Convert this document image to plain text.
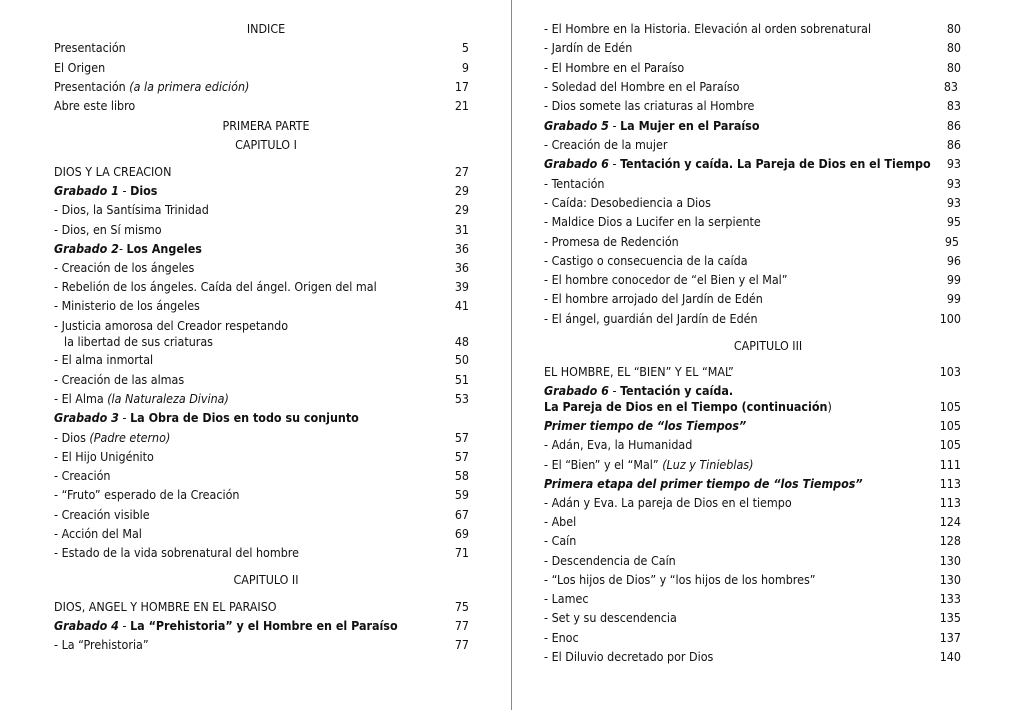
INDICE
Presentación	5
El Origen	9
Presentación (a la primera edición)	17
Abre este libro	21
PRIMERA PARTE
CAPITULO I
DIOS Y LA CREACION	27
Grabado 1 - Dios	29
- Dios, la Santísima Trinidad	29
- Dios, en Sí mismo	31
Grabado 2- Los Angeles	36
- Creación de los ángeles	36
- Rebelión de los ángeles. Caída del ángel. Origen del mal	39
- Ministerio de los ángeles	41
- Justicia amorosa del Creador respetando
la libertad de sus criaturas	48
- El alma inmortal	50
- Creación de las almas	51
- El Alma (la Naturaleza Divina)	53
Grabado 3 - La Obra de Dios en todo su conjunto
- Dios (Padre eterno)	57
- El Hijo Unigénito	57
- Creación	58
- “Fruto” esperado de la Creación	59
- Creación visible	67
- Acción del Mal	69
- Estado de la vida sobrenatural del hombre	71
CAPITULO II
DIOS, ANGEL Y HOMBRE EN EL PARAISO	75
Grabado 4 - La “Prehistoria” y el Hombre en el Paraíso	77
- La “Prehistoria”	77
- El Hombre en la Historia. Elevación al orden sobrenatural	80
- Jardín de Edén	80
- El Hombre en el Paraíso	80
- Soledad del Hombre en el Paraíso	83
- Dios somete las criaturas al Hombre	83
Grabado 5 - La Mujer en el Paraíso	86
- Creación de la mujer	86
Grabado 6 - Tentación y caída. La Pareja de Dios en el Tiempo 93
- Tentación	93
- Caída: Desobediencia a Dios	93
- Maldice Dios a Lucifer en la serpiente	95
- Promesa de Redención	95
- Castigo o consecuencia de la caída	96
- El hombre conocedor de “el Bien y el Mal”	99
- El hombre arrojado del Jardín de Edén	99
- El ángel, guardián del Jardín de Edén	100
CAPITULO III
EL HOMBRE, EL “BIEN” Y EL “MAL”	103
Grabado 6 - Tentación y caída.
La Pareja de Dios en el Tiempo (continuación)	105
Primer tiempo de “los Tiempos”	105
- Adán, Eva, la Humanidad	105
- El “Bien” y el “Mal” (Luz y Tinieblas)	111
Primera etapa del primer tiempo de “los Tiempos”	113
- Adán y Eva. La pareja de Dios en el tiempo	113
- Abel	124
- Caín	128
- Descendencia de Caín	130
- “Los hijos de Dios” y “los hijos de los hombres”	130
- Lamec	133
- Set y su descendencia	135
- Enoc	137
- El Diluvio decretado por Dios	140
